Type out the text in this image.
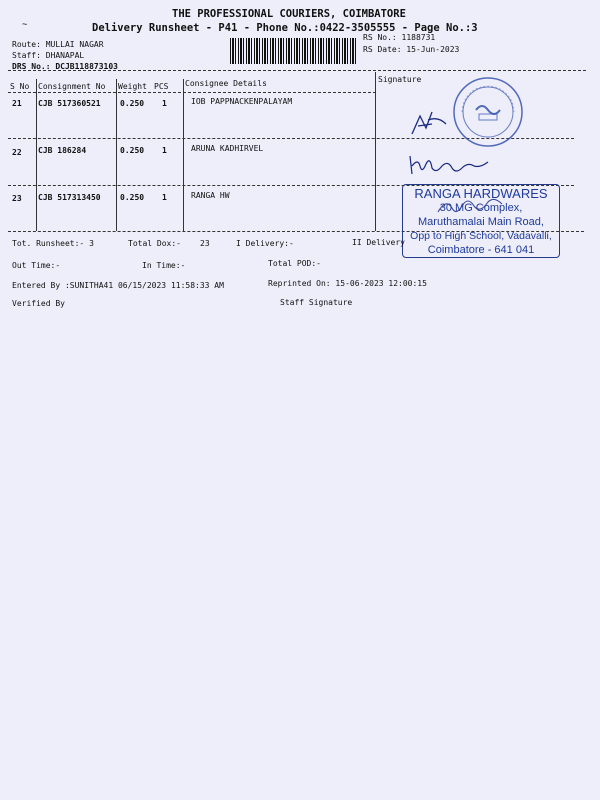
~
THE PROFESSIONAL COURIERS, COIMBATORE
Delivery Runsheet - P41 - Phone No.:0422-3505555 - Page No.:3
Route: MULLAI NAGAR
Staff: DHANAPAL
DRS No.: DCJB118873103
RS No.: 1188731
RS Date: 15-Jun-2023
S No Consignment No Weight PCS Consignee Details	Signature
21 CJB 517360521 0.250 1	IOB PAPPNACKENPALAYAM
22 CJB 186284	0.250 1	ARUNA KADHIRVEL
23 CJB 517313450 0.250 1	RANGA HW	RANGA HARDWARES
30 MG Complex,
Maruthamalai Main Road,
Opp to High School, Vadavalli,
Coimbatore - 641 041
Tot. Runsheet:- 3	Total Dox:- 23	I Delivery:-	II Delivery
Out Time:-	In Time:-	Total POD:-
Entered By :SUNITHA41 06/15/2023 11:58:33 AM	Reprinted On: 15-06-2023 12:00:15
Verified By	Staff Signature
